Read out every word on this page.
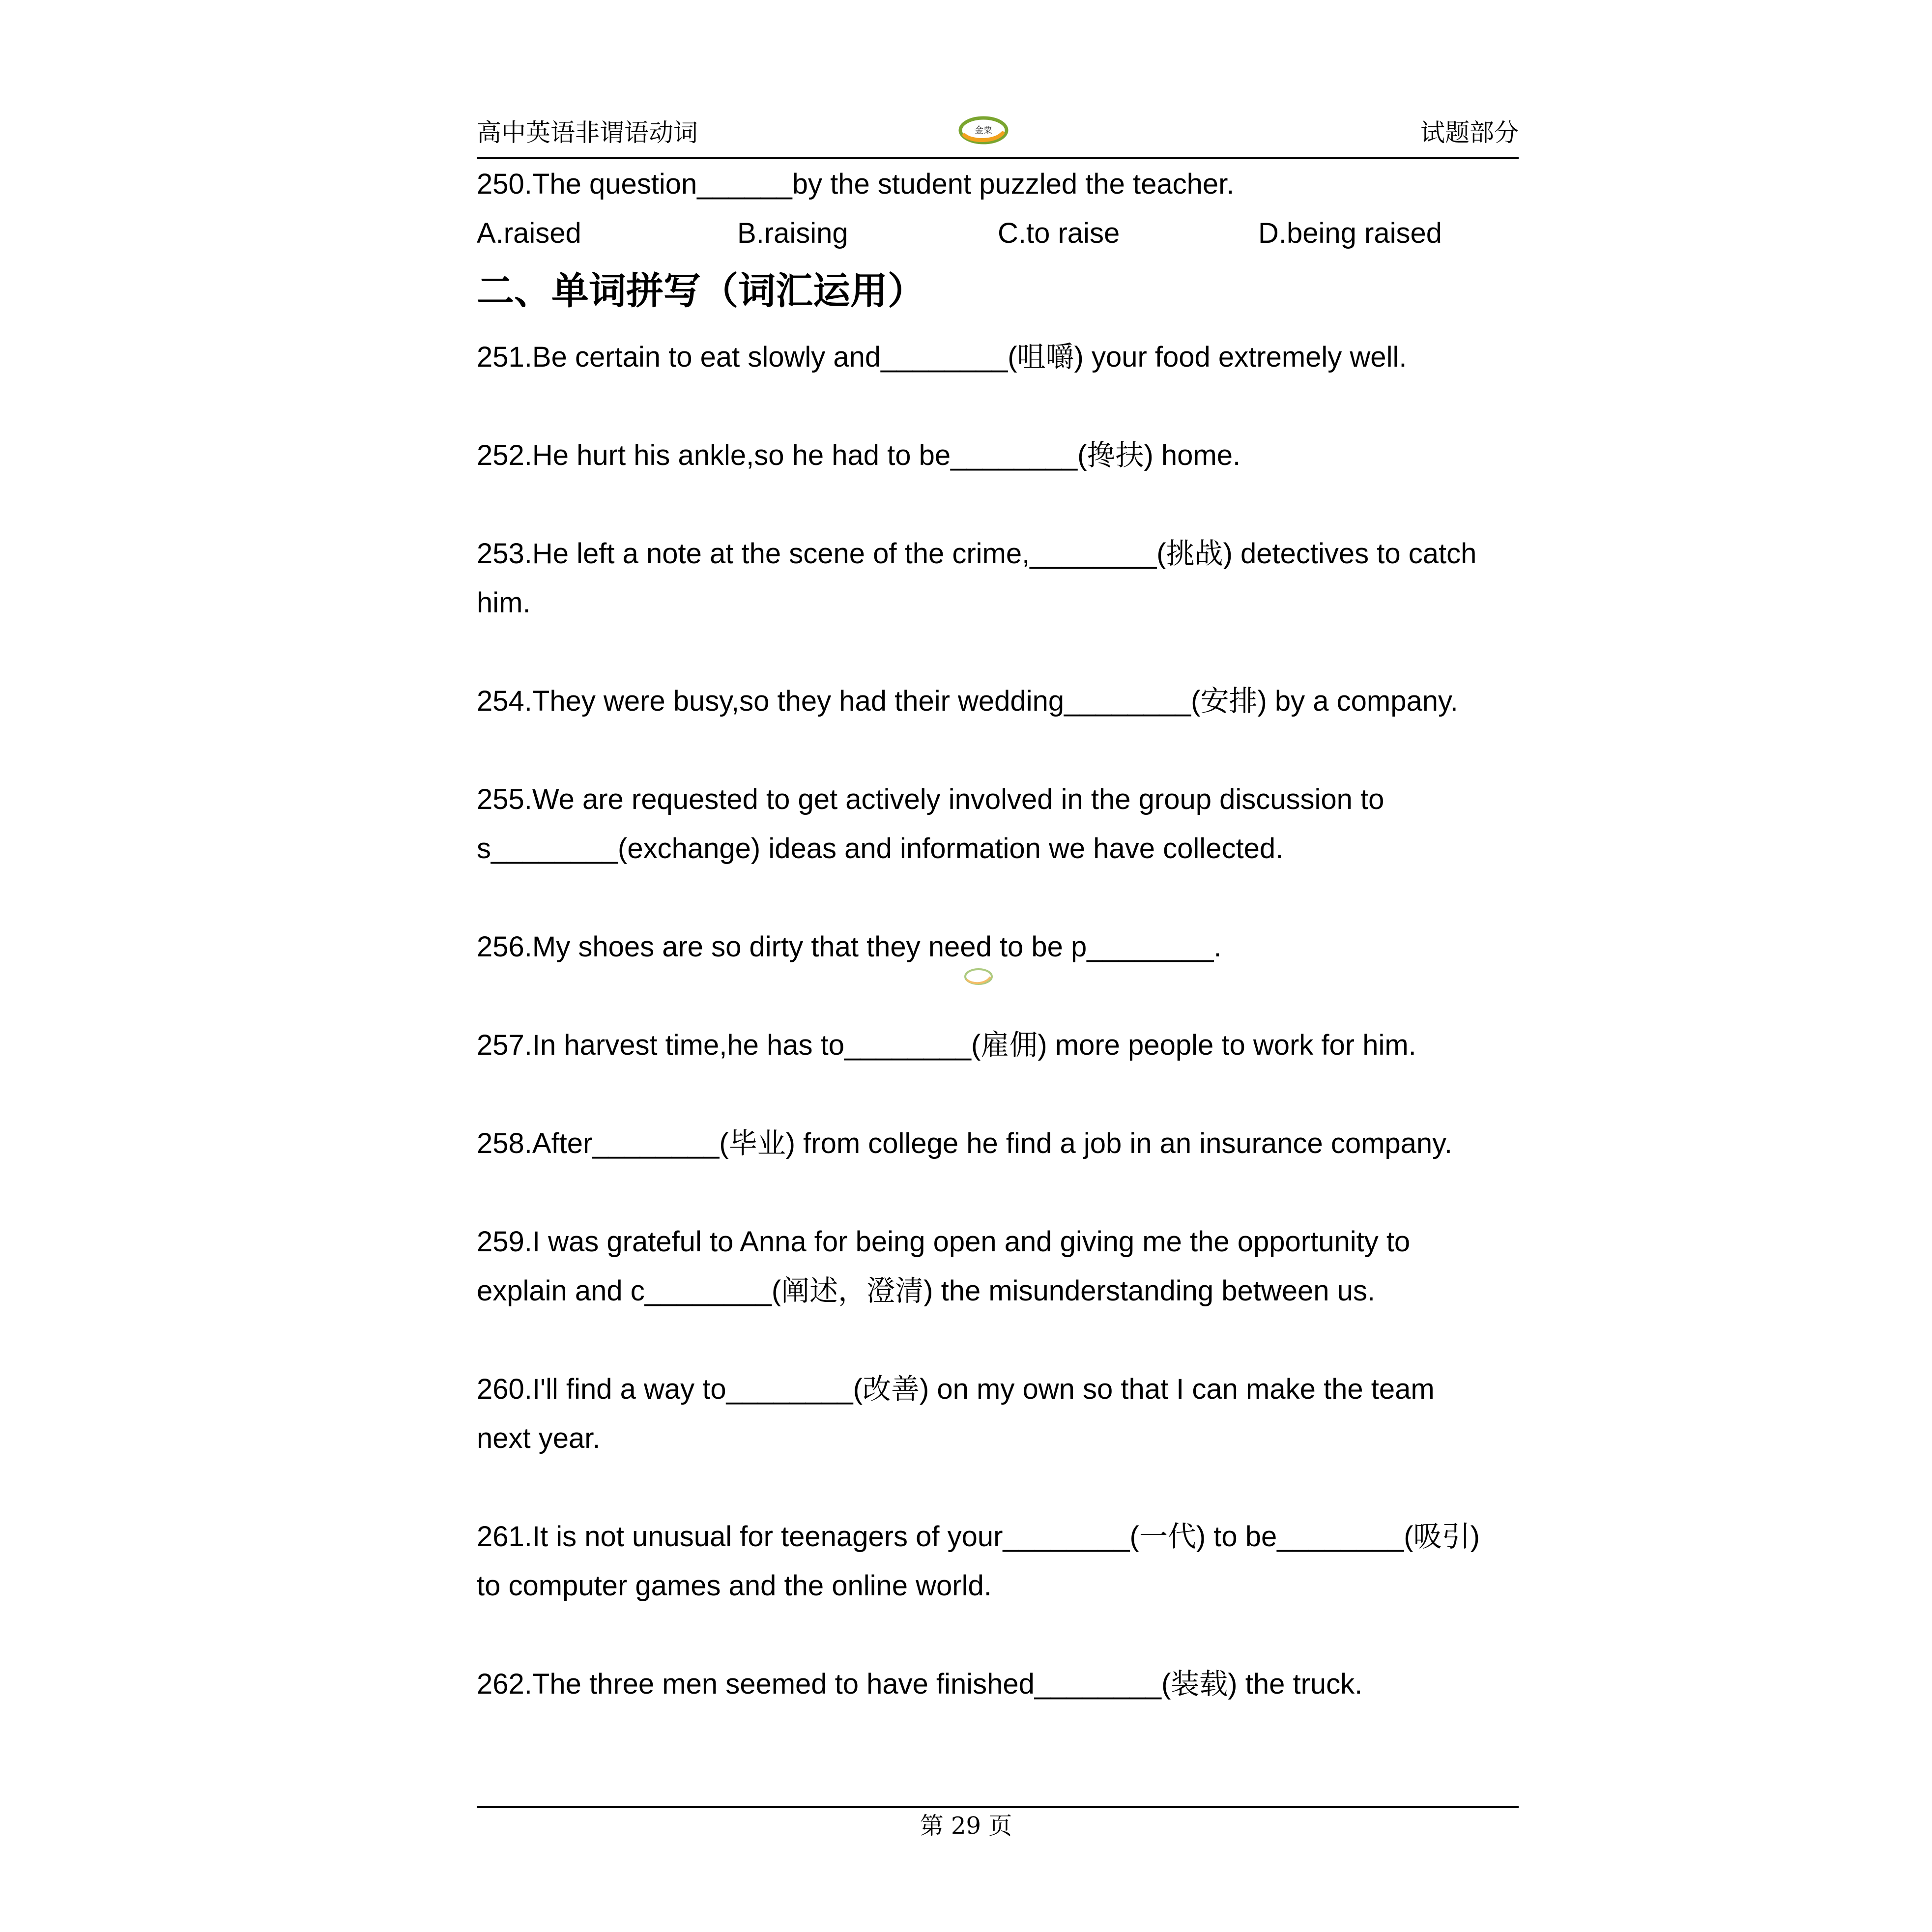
高中英语非谓语动词	金粟	试题部分

250.The question______by the student puzzled the teacher.

A.raised	B.raising	C.to raise	D.being raised
二、单词拼写（词汇运用）
251.Be certain to eat slowly and________(咀嚼) your food extremely well.
252.He hurt his ankle,so he had to be________(搀扶) home.
253.He left a note at the scene of the crime,________(挑战) detectives to catch
him.
254.They were busy,so they had their wedding________(安排) by a company.
255.We are requested to get actively involved in the group discussion to
s________(exchange) ideas and information we have collected.
256.My shoes are so dirty that they need to be p________.
257.In harvest time,he has to________(雇佣) more people to work for him.
258.After________(毕业) from college he find a job in an insurance company.
259.I was grateful to Anna for being open and giving me the opportunity to
explain and c________(阐述，澄清) the misunderstanding between us.
260.I'll find a way to________(改善) on my own so that I can make the team
next year.
261.It is not unusual for teenagers of your________(一代) to be________(吸引)
to computer games and the online world.
262.The three men seemed to have finished________(装载) the truck.
第 29 页
